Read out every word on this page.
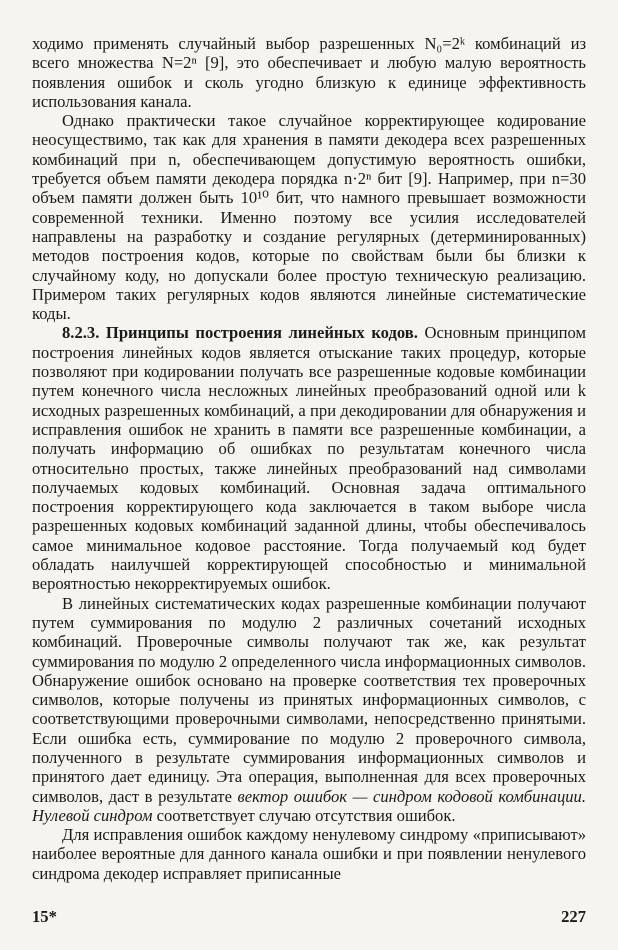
ходимо применять случайный выбор разрешенных N₀=2ᵏ комбинаций из всего множества N=2ⁿ [9], это обеспечивает и любую малую вероятность появления ошибок и сколь угодно близкую к единице эффективность использования канала.

Однако практически такое случайное корректирующее кодирование неосуществимо, так как для хранения в памяти декодера всех разрешенных комбинаций при n, обеспечивающем допустимую вероятность ошибки, требуется объем памяти декодера порядка n·2ⁿ бит [9]. Например, при n=30 объем памяти должен быть 10¹⁰ бит, что намного превышает возможности современной техники. Именно поэтому все усилия исследователей направлены на разработку и создание регулярных (детерминированных) методов построения кодов, которые по свойствам были бы близки к случайному коду, но допускали более простую техническую реализацию. Примером таких регулярных кодов являются линейные систематические коды.

8.2.3. Принципы построения линейных кодов. Основным принципом построения линейных кодов является отыскание таких процедур, которые позволяют при кодировании получать все разрешенные кодовые комбинации путем конечного числа несложных линейных преобразований одной или k исходных разрешенных комбинаций, а при декодировании для обнаружения и исправления ошибок не хранить в памяти все разрешенные комбинации, а получать информацию об ошибках по результатам конечного числа относительно простых, также линейных преобразований над символами получаемых кодовых комбинаций. Основная задача оптимального построения корректирующего кода заключается в таком выборе числа разрешенных кодовых комбинаций заданной длины, чтобы обеспечивалось самое минимальное кодовое расстояние. Тогда получаемый код будет обладать наилучшей корректирующей способностью и минимальной вероятностью некорректируемых ошибок.

В линейных систематических кодах разрешенные комбинации получают путем суммирования по модулю 2 различных сочетаний исходных комбинаций. Проверочные символы получают так же, как результат суммирования по модулю 2 определенного числа информационных символов. Обнаружение ошибок основано на проверке соответствия тех проверочных символов, которые получены из принятых информационных символов, с соответствующими проверочными символами, непосредственно принятыми. Если ошибка есть, суммирование по модулю 2 проверочного символа, полученного в результате суммирования информационных символов и принятого дает единицу. Эта операция, выполненная для всех проверочных символов, даст в результате вектор ошибок — синдром кодовой комбинации. Нулевой синдром соответствует случаю отсутствия ошибок.

Для исправления ошибок каждому ненулевому синдрому «приписывают» наиболее вероятные для данного канала ошибки и при появлении ненулевого синдрома декодер исправляет приписанные

15*	227
